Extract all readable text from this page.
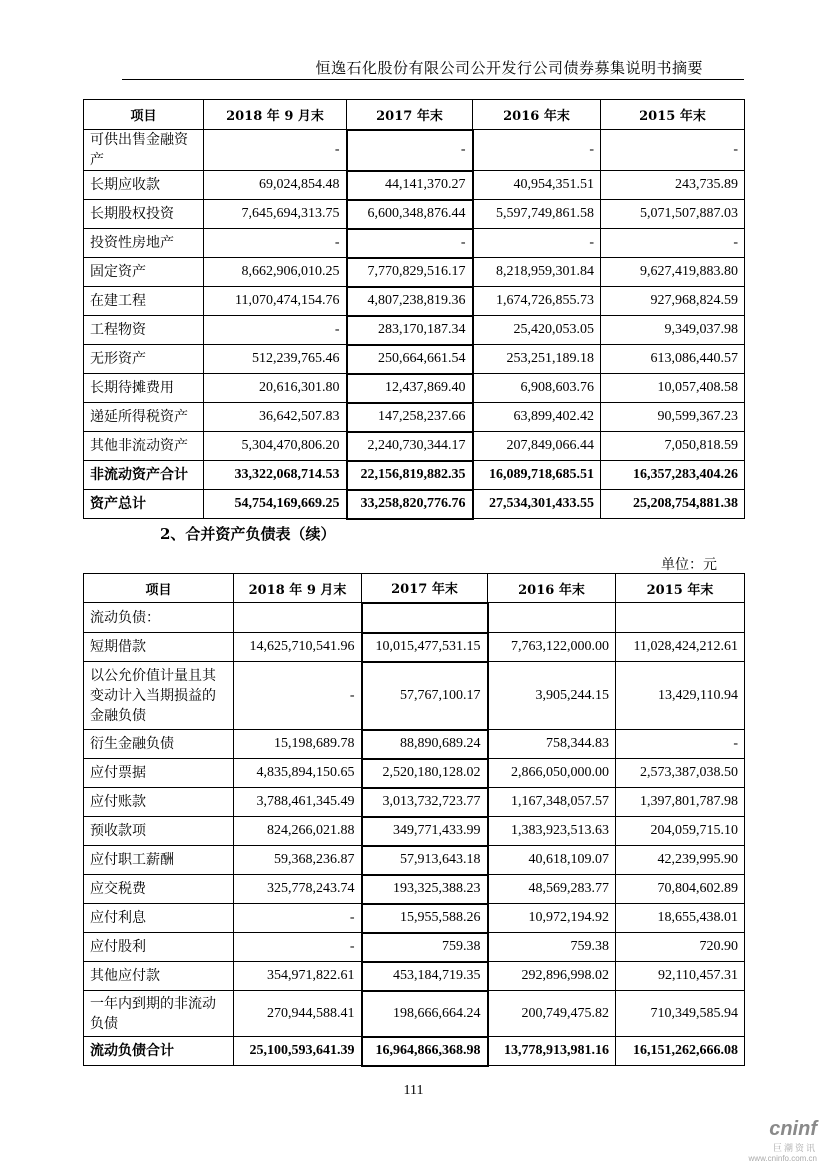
恒逸石化股份有限公司公开发行公司债券募集说明书摘要
项目	2018 年 9 月末	2017 年末	2016 年末	2015 年末
可供出售金融资产	-	-	-	-
长期应收款	69,024,854.48	44,141,370.27	40,954,351.51	243,735.89
长期股权投资	7,645,694,313.75	6,600,348,876.44	5,597,749,861.58	5,071,507,887.03
投资性房地产	-	-	-	-
固定资产	8,662,906,010.25	7,770,829,516.17	8,218,959,301.84	9,627,419,883.80
在建工程	11,070,474,154.76	4,807,238,819.36	1,674,726,855.73	927,968,824.59
工程物资	-	283,170,187.34	25,420,053.05	9,349,037.98
无形资产	512,239,765.46	250,664,661.54	253,251,189.18	613,086,440.57
长期待摊费用	20,616,301.80	12,437,869.40	6,908,603.76	10,057,408.58
递延所得税资产	36,642,507.83	147,258,237.66	63,899,402.42	90,599,367.23
其他非流动资产	5,304,470,806.20	2,240,730,344.17	207,849,066.44	7,050,818.59
非流动资产合计	33,322,068,714.53	22,156,819,882.35	16,089,718,685.51	16,357,283,404.26
资产总计	54,754,169,669.25	33,258,820,776.76	27,534,301,433.55	25,208,754,881.38
2、合并资产负债表（续）
单位：元
项目	2018 年 9 月末	2017 年末	2016 年末	2015 年末
流动负债：				
短期借款	14,625,710,541.96	10,015,477,531.15	7,763,122,000.00	11,028,424,212.61
以公允价值计量且其变动计入当期损益的金融负债	-	57,767,100.17	3,905,244.15	13,429,110.94
衍生金融负债	15,198,689.78	88,890,689.24	758,344.83	-
应付票据	4,835,894,150.65	2,520,180,128.02	2,866,050,000.00	2,573,387,038.50
应付账款	3,788,461,345.49	3,013,732,723.77	1,167,348,057.57	1,397,801,787.98
预收款项	824,266,021.88	349,771,433.99	1,383,923,513.63	204,059,715.10
应付职工薪酬	59,368,236.87	57,913,643.18	40,618,109.07	42,239,995.90
应交税费	325,778,243.74	193,325,388.23	48,569,283.77	70,804,602.89
应付利息	-	15,955,588.26	10,972,194.92	18,655,438.01
应付股利	-	759.38	759.38	720.90
其他应付款	354,971,822.61	453,184,719.35	292,896,998.02	92,110,457.31
一年内到期的非流动负债	270,944,588.41	198,666,664.24	200,749,475.82	710,349,585.94
流动负债合计	25,100,593,641.39	16,964,866,368.98	13,778,913,981.16	16,151,262,666.08
111
cninf
巨潮资讯
www.cninfo.com.cn
